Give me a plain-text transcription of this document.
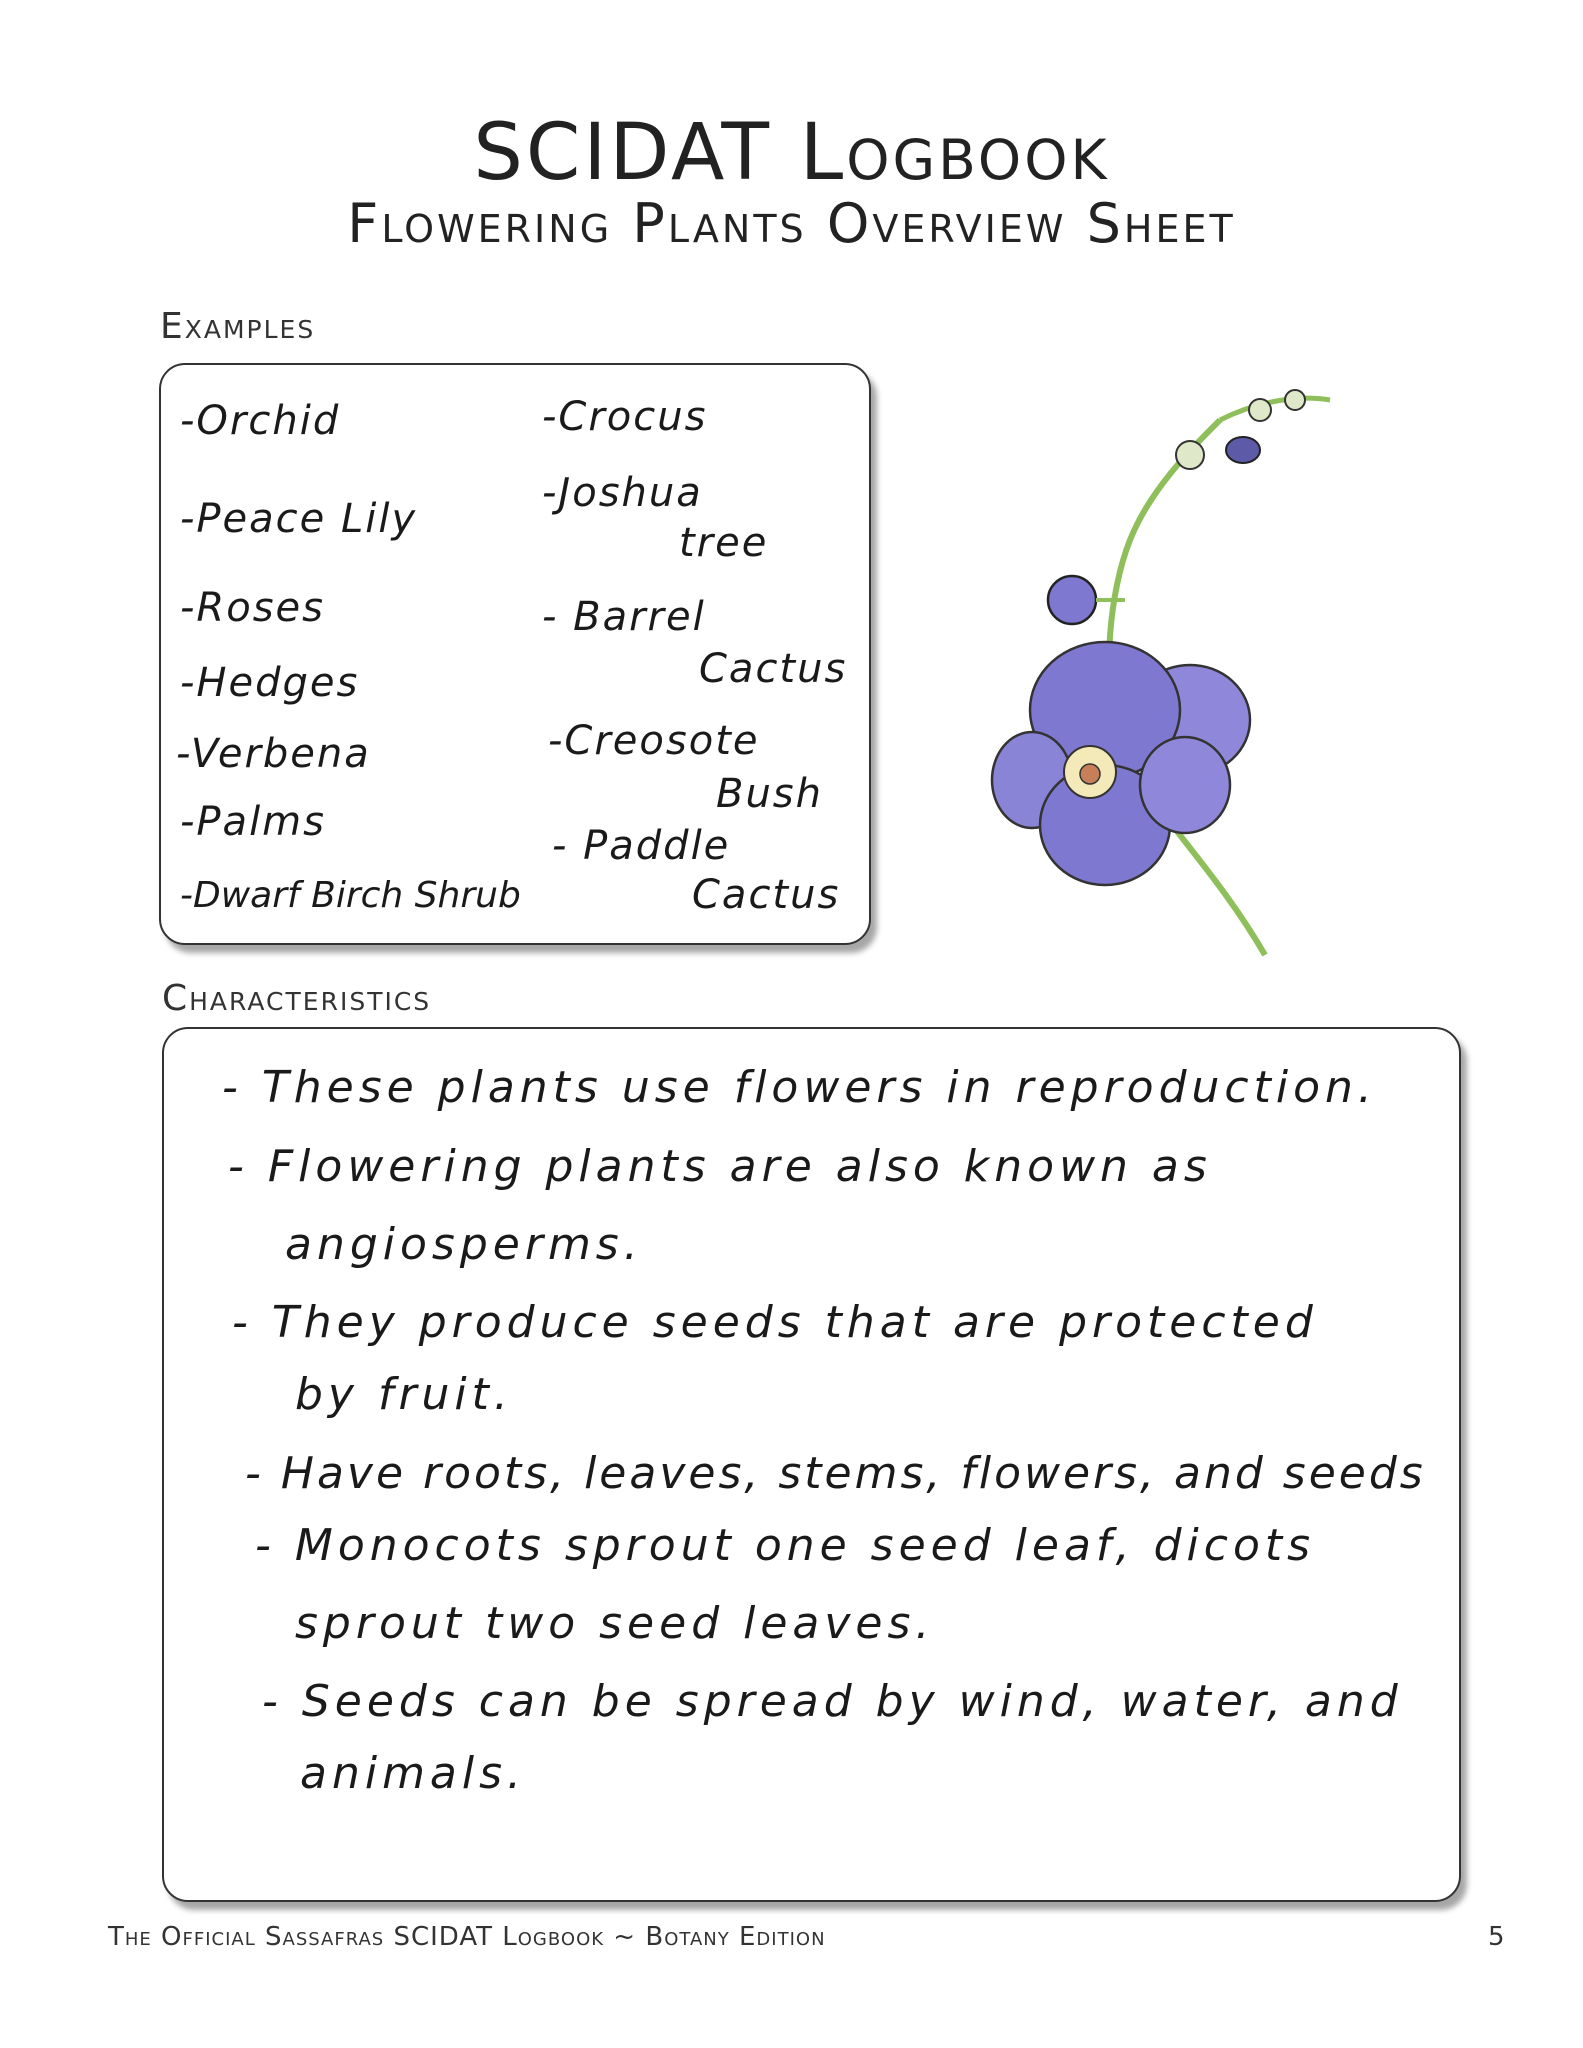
SCIDAT Logbook
Flowering Plants Overview Sheet
Examples
-Orchid
-Peace Lily
-Roses
-Hedges
-Verbena
-Palms
-Dwarf Birch Shrub
-Crocus
-Joshua
tree
- Barrel
Cactus
-Creosote
Bush
- Paddle
Cactus
Characteristics
- These plants use flowers in reproduction.
- Flowering plants are also known as
angiosperms.
- They produce seeds that are protected
by fruit.
- Have roots, leaves, stems, flowers, and seeds
- Monocots sprout one seed leaf, dicots
sprout two seed leaves.
- Seeds can be spread by wind, water, and
animals.
The Official Sassafras SCIDAT Logbook ~ Botany Edition	5
